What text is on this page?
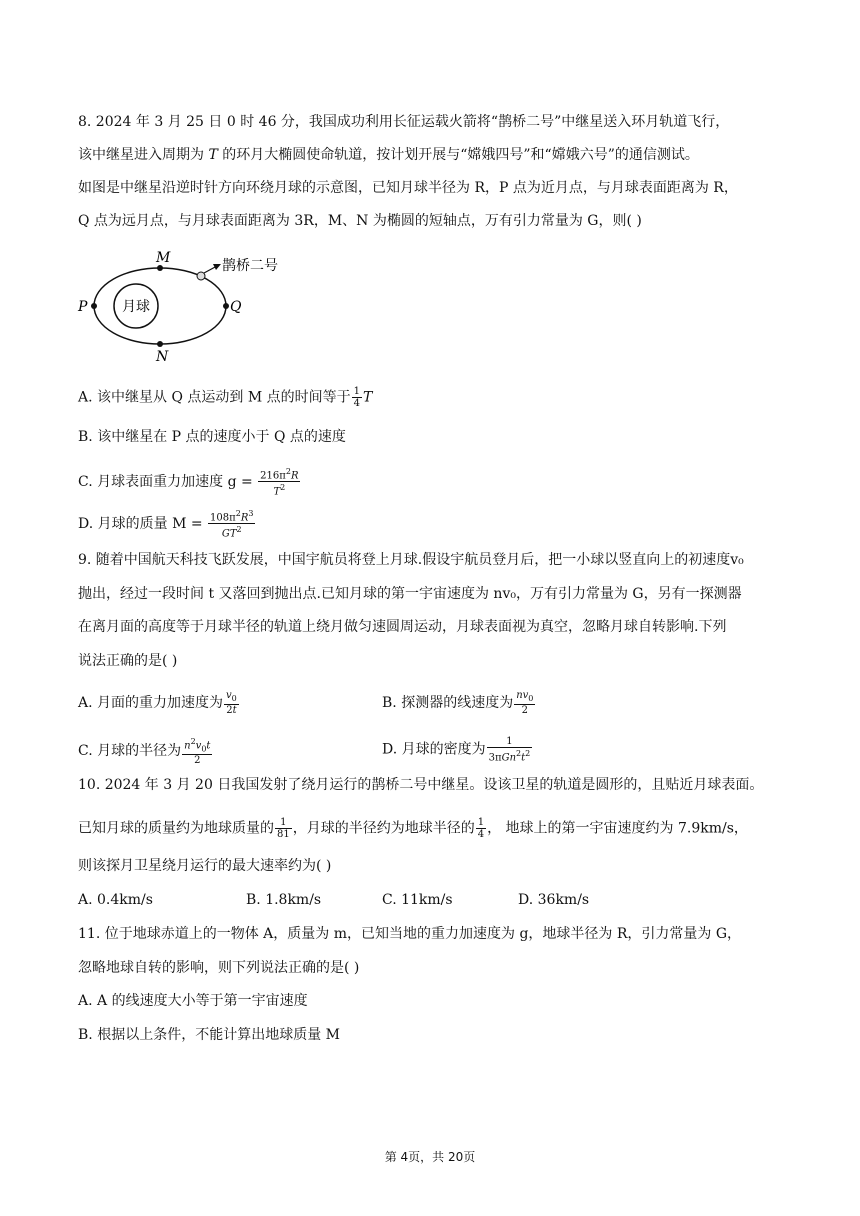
8. 2024 年 3 月 25 日 0 时 46 分，我国成功利用长征运载火箭将“鹊桥二号”中继星送入环月轨道飞行，
该中继星进入周期为 T 的环月大椭圆使命轨道，按计划开展与“嫦娥四号”和“嫦娥六号”的通信测试。
如图是中继星沿逆时针方向环绕月球的示意图，已知月球半径为 R，P 点为近月点，与月球表面距离为 R，
Q 点为远月点，与月球表面距离为 3R，M、N 为椭圆的短轴点，万有引力常量为 G，则( )
月球
P	Q
M
N
鹊桥二号
A. 该中继星从 Q 点运动到 M 点的时间等于 $\frac{1}{4}$ T
B. 该中继星在 P 点的速度小于 Q 点的速度
C. 月球表面重力加速度 $g = \frac{216\pi^2R}{T^2}$
D. 月球的质量 $M = \frac{108\pi^2R^3}{GT^2}$
9. 随着中国航天科技飞跃发展，中国宇航员将登上月球.假设宇航员登月后，把一小球以竖直向上的初速度v₀
抛出，经过一段时间 t 又落回到抛出点.已知月球的第一宇宙速度为 nv₀，万有引力常量为 G，另有一探测器
在离月面的高度等于月球半径的轨道上绕月做匀速圆周运动，月球表面视为真空，忽略月球自转影响.下列
说法正确的是( )
A. 月面的重力加速度为 $\frac{v_0}{2t}$	B. 探测器的线速度为 $\frac{nv_0}{2}$
C. 月球的半径为 $\frac{n^2v_0t}{2}$	D. 月球的密度为 $\frac{1}{3\pi Gn^2t^2}$
10. 2024 年 3 月 20 日我国发射了绕月运行的鹊桥二号中继星。设该卫星的轨道是圆形的，且贴近月球表面。
已知月球的质量约为地球质量的 $\frac{1}{81}$ ，月球的半径约为地球半径的 $\frac{1}{4}$ ， 地球上的第一宇宙速度约为 7.9km/s，
则该探月卫星绕月运行的最大速率约为( )
A. 0.4km/s	B. 1.8km/s	C. 11km/s	D. 36km/s
11. 位于地球赤道上的一物体 A，质量为 m，已知当地的重力加速度为 g，地球半径为 R，引力常量为 G，
忽略地球自转的影响，则下列说法正确的是( )
A. A 的线速度大小等于第一宇宙速度
B. 根据以上条件，不能计算出地球质量 M
第 4页，共 20页
